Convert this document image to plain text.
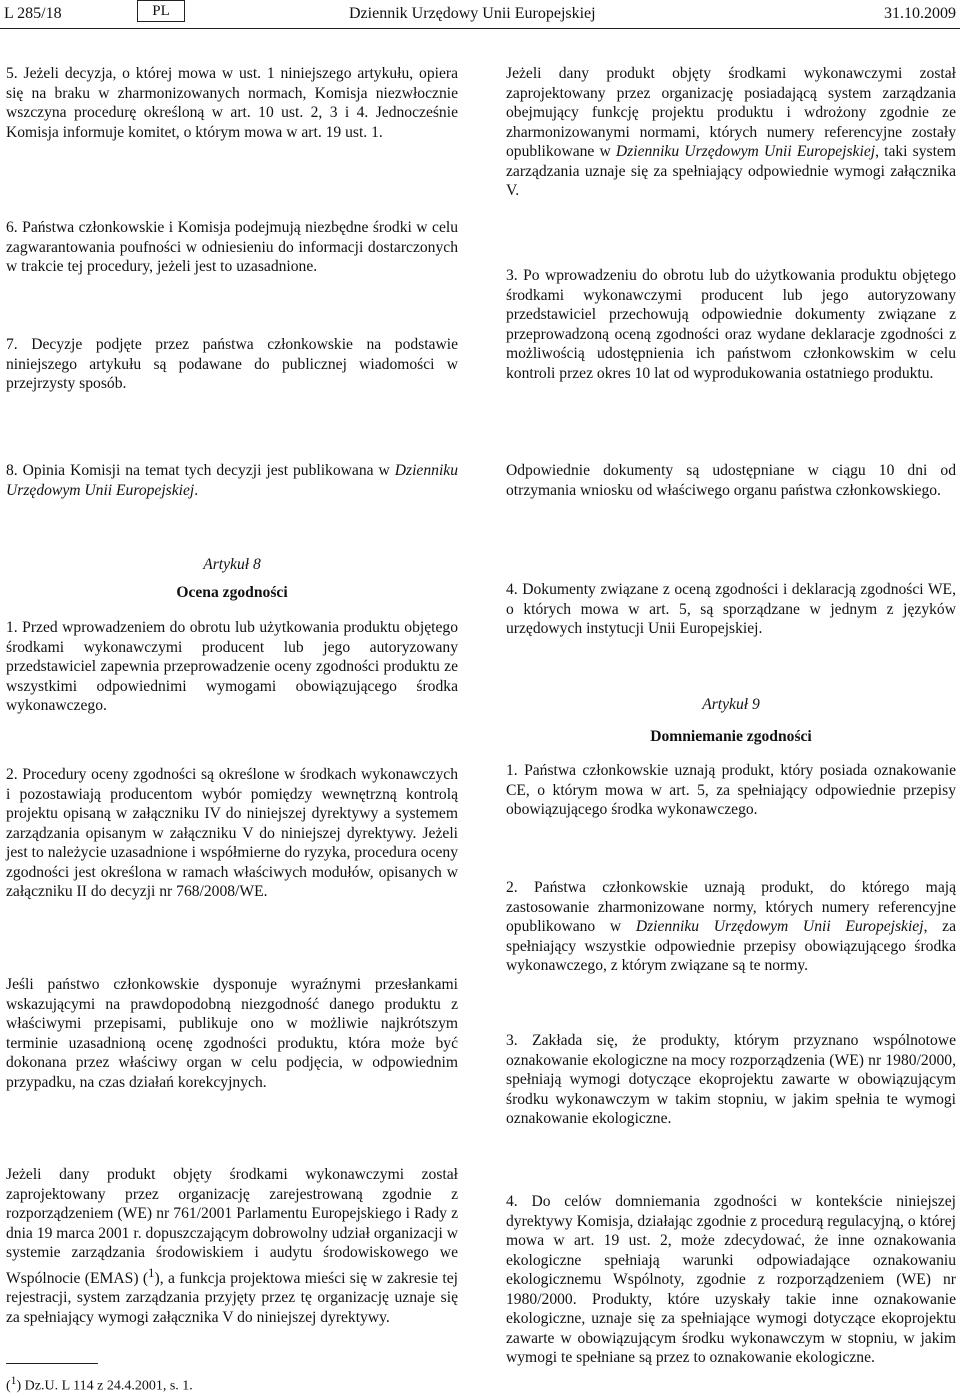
L 285/18	PL	Dziennik Urzędowy Unii Europejskiej	31.10.2009

5. Jeżeli decyzja, o której mowa w ust. 1 niniejszego artykułu, opiera się na braku w zharmonizowanych normach, Komisja niezwłocznie wszczyna procedurę określoną w art. 10 ust. 2, 3 i 4. Jednocześnie Komisja informuje komitet, o którym mowa w art. 19 ust. 1.

6. Państwa członkowskie i Komisja podejmują niezbędne środki w celu zagwarantowania poufności w odniesieniu do informacji dostarczonych w trakcie tej procedury, jeżeli jest to uzasadnione.

7. Decyzje podjęte przez państwa członkowskie na podstawie niniejszego artykułu są podawane do publicznej wiadomości w przejrzysty sposób.

8. Opinia Komisji na temat tych decyzji jest publikowana w Dzienniku Urzędowym Unii Europejskiej.

Artykuł 8

Ocena zgodności

1. Przed wprowadzeniem do obrotu lub użytkowania produktu objętego środkami wykonawczymi producent lub jego autoryzowany przedstawiciel zapewnia przeprowadzenie oceny zgodności produktu ze wszystkimi odpowiednimi wymogami obowiązującego środka wykonawczego.

2. Procedury oceny zgodności są określone w środkach wykonawczych i pozostawiają producentom wybór pomiędzy wewnętrzną kontrolą projektu opisaną w załączniku IV do niniejszej dyrektywy a systemem zarządzania opisanym w załączniku V do niniejszej dyrektywy. Jeżeli jest to należycie uzasadnione i współmierne do ryzyka, procedura oceny zgodności jest określona w ramach właściwych modułów, opisanych w załączniku II do decyzji nr 768/2008/WE.

Jeśli państwo członkowskie dysponuje wyraźnymi przesłankami wskazującymi na prawdopodobną niezgodność danego produktu z właściwymi przepisami, publikuje ono w możliwie najkrótszym terminie uzasadnioną ocenę zgodności produktu, która może być dokonana przez właściwy organ w celu podjęcia, w odpowiednim przypadku, na czas działań korekcyjnych.

Jeżeli dany produkt objęty środkami wykonawczymi został zaprojektowany przez organizację zarejestrowaną zgodnie z rozporządzeniem (WE) nr 761/2001 Parlamentu Europejskiego i Rady z dnia 19 marca 2001 r. dopuszczającym dobrowolny udział organizacji w systemie zarządzania środowiskiem i audytu środowiskowego we Wspólnocie (EMAS) ($^1$), a funkcja projektowa mieści się w zakresie tej rejestracji, system zarządzania przyjęty przez tę organizację uznaje się za spełniający wymogi załącznika V do niniejszej dyrektywy.

($^1$) Dz.U. L 114 z 24.4.2001, s. 1.

Jeżeli dany produkt objęty środkami wykonawczymi został zaprojektowany przez organizację posiadającą system zarządzania obejmujący funkcję projektu produktu i wdrożony zgodnie ze zharmonizowanymi normami, których numery referencyjne zostały opublikowane w Dzienniku Urzędowym Unii Europejskiej, taki system zarządzania uznaje się za spełniający odpowiednie wymogi załącznika V.

3. Po wprowadzeniu do obrotu lub do użytkowania produktu objętego środkami wykonawczymi producent lub jego autoryzowany przedstawiciel przechowują odpowiednie dokumenty związane z przeprowadzoną oceną zgodności oraz wydane deklaracje zgodności z możliwością udostępnienia ich państwom członkowskim w celu kontroli przez okres 10 lat od wyprodukowania ostatniego produktu.

Odpowiednie dokumenty są udostępniane w ciągu 10 dni od otrzymania wniosku od właściwego organu państwa członkowskiego.

4. Dokumenty związane z oceną zgodności i deklaracją zgodności WE, o których mowa w art. 5, są sporządzane w jednym z języków urzędowych instytucji Unii Europejskiej.

Artykuł 9

Domniemanie zgodności

1. Państwa członkowskie uznają produkt, który posiada oznakowanie CE, o którym mowa w art. 5, za spełniający odpowiednie przepisy obowiązującego środka wykonawczego.

2. Państwa członkowskie uznają produkt, do którego mają zastosowanie zharmonizowane normy, których numery referencyjne opublikowano w Dzienniku Urzędowym Unii Europejskiej, za spełniający wszystkie odpowiednie przepisy obowiązującego środka wykonawczego, z którym związane są te normy.

3. Zakłada się, że produkty, którym przyznano wspólnotowe oznakowanie ekologiczne na mocy rozporządzenia (WE) nr 1980/2000, spełniają wymogi dotyczące ekoprojektu zawarte w obowiązującym środku wykonawczym w takim stopniu, w jakim spełnia te wymogi oznakowanie ekologiczne.

4. Do celów domniemania zgodności w kontekście niniejszej dyrektywy Komisja, działając zgodnie z procedurą regulacyjną, o której mowa w art. 19 ust. 2, może zdecydować, że inne oznakowania ekologiczne spełniają warunki odpowiadające oznakowaniu ekologicznemu Wspólnoty, zgodnie z rozporządzeniem (WE) nr 1980/2000. Produkty, które uzyskały takie inne oznakowanie ekologiczne, uznaje się za spełniające wymogi dotyczące ekoprojektu zawarte w obowiązującym środku wykonawczym w stopniu, w jakim wymogi te spełniane są przez to oznakowanie ekologiczne.
